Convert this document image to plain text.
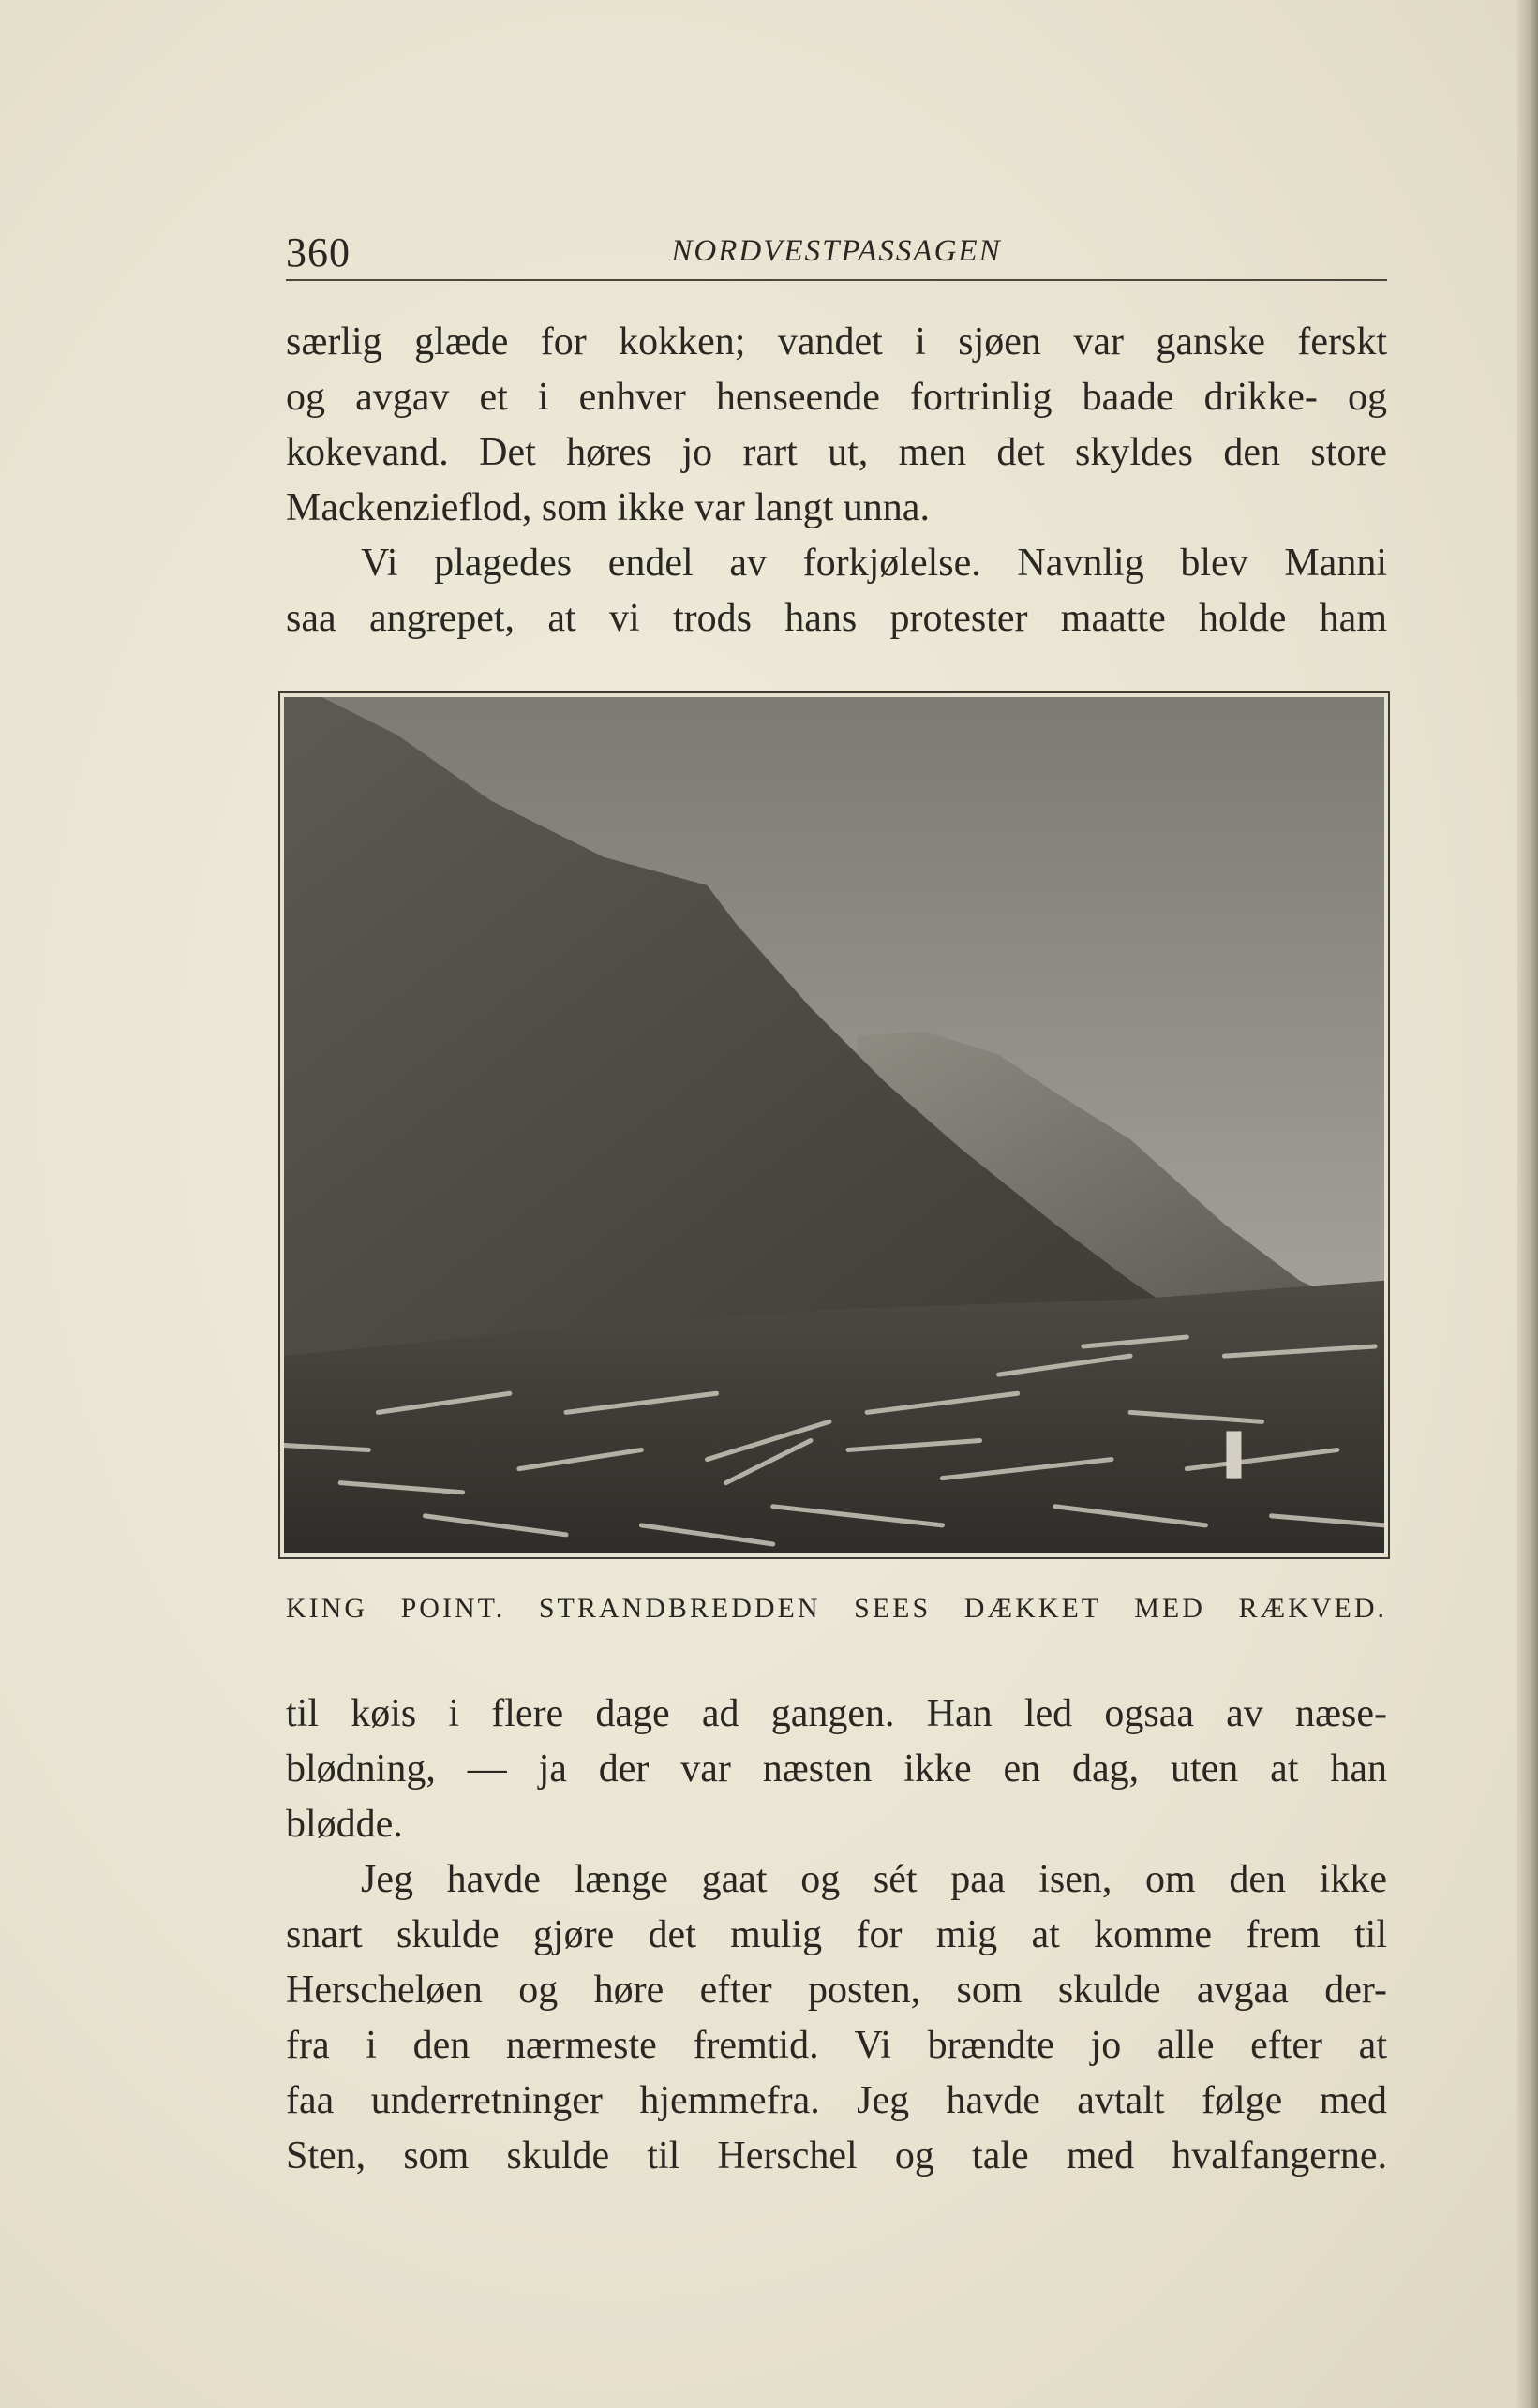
360	NORDVESTPASSAGEN
særlig glæde for kokken; vandet i sjøen var ganske ferskt
og avgav et i enhver henseende fortrinlig baade drikke- og
kokevand. Det høres jo rart ut, men det skyldes den store
Mackenzieflod, som ikke var langt unna.
Vi plagedes endel av forkjølelse. Navnlig blev Manni
saa angrepet, at vi trods hans protester maatte holde ham
KING POINT. STRANDBREDDEN SEES DÆKKET MED RÆKVED.
til køis i flere dage ad gangen. Han led ogsaa av næse-
blødning, — ja der var næsten ikke en dag, uten at han
blødde.
Jeg havde længe gaat og sét paa isen, om den ikke
snart skulde gjøre det mulig for mig at komme frem til
Herscheløen og høre efter posten, som skulde avgaa der-
fra i den nærmeste fremtid. Vi brændte jo alle efter at
faa underretninger hjemmefra. Jeg havde avtalt følge med
Sten, som skulde til Herschel og tale med hvalfangerne.
